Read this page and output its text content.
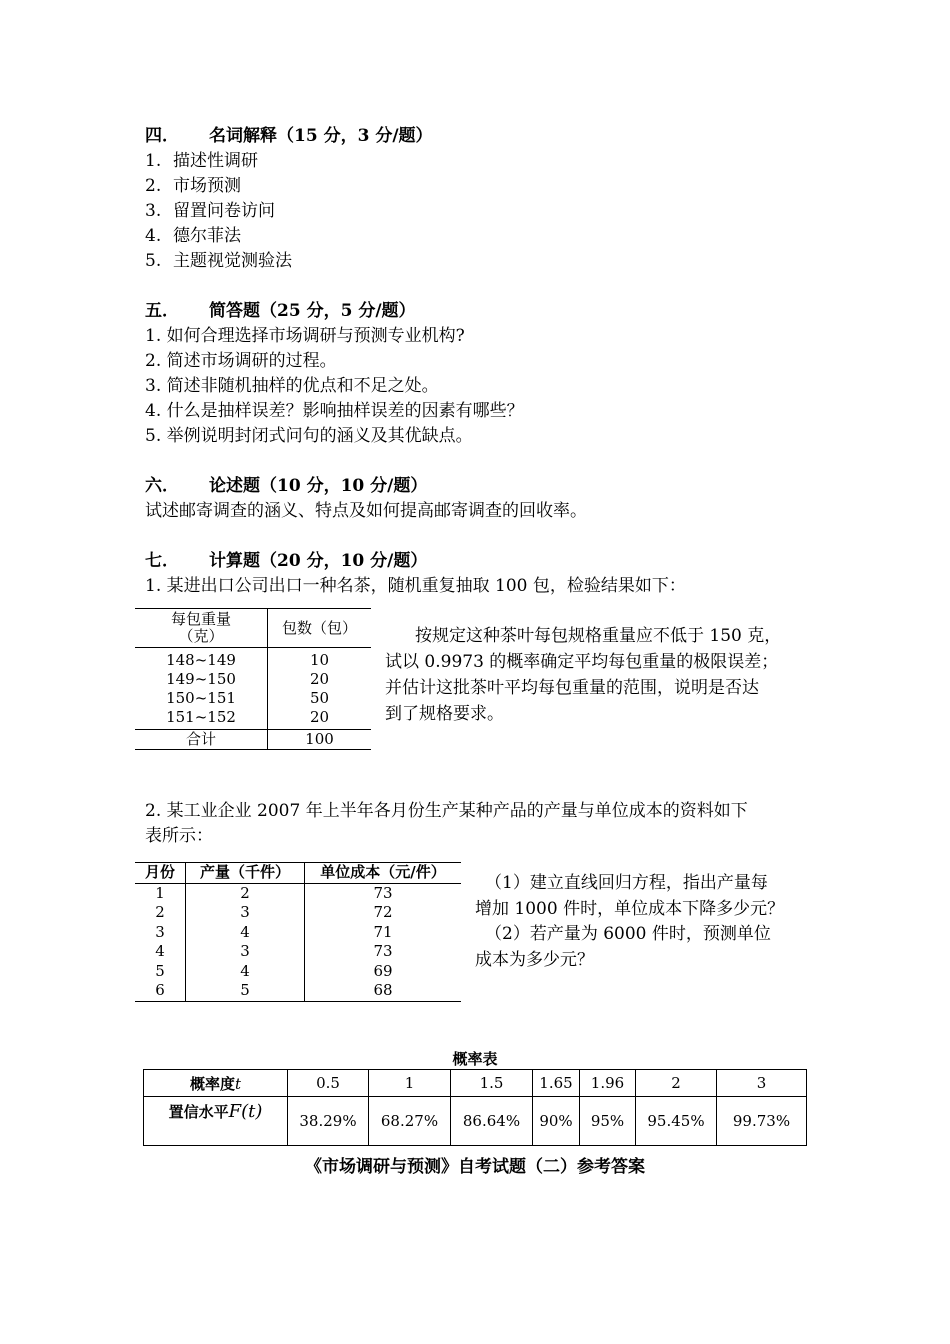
四． 名词解释（15 分，3 分/题）
1. 描述性调研
2. 市场预测
3. 留置问卷访问
4. 德尔菲法
5. 主题视觉测验法
五． 简答题（25 分，5 分/题）
1. 如何合理选择市场调研与预测专业机构?
2. 简述市场调研的过程。
3. 简述非随机抽样的优点和不足之处。
4. 什么是抽样误差？影响抽样误差的因素有哪些？
5. 举例说明封闭式问句的涵义及其优缺点。
六． 论述题（10 分，10 分/题）
试述邮寄调查的涵义、特点及如何提高邮寄调查的回收率。
七． 计算题（20 分，10 分/题）
1. 某进出口公司出口一种名茶，随机重复抽取 100 包，检验结果如下：
每包重量
（克）	包数（包）
148~149	10
149~150	20
150~151	50
151~152	20
合计	100
按规定这种茶叶每包规格重量应不低于 150 克，
试以 0.9973 的概率确定平均每包重量的极限误差；
并估计这批茶叶平均每包重量的范围，说明是否达
到了规格要求。
2. 某工业企业 2007 年上半年各月份生产某种产品的产量与单位成本的资料如下
表所示：
月份	产量（千件）	单位成本（元/件）
1	2	73
2	3	72
3	4	71
4	3	73
5	4	69
6	5	68
（1）建立直线回归方程，指出产量每
增加 1000 件时，单位成本下降多少元？
（2）若产量为 6000 件时，预测单位
成本为多少元？
概率表
概率度t	0.5	1	1.5	1.65	1.96	2	3
置信水平F(t)	38.29%	68.27%	86.64%	90%	95%	95.45%	99.73%
《市场调研与预测》自考试题（二）参考答案
